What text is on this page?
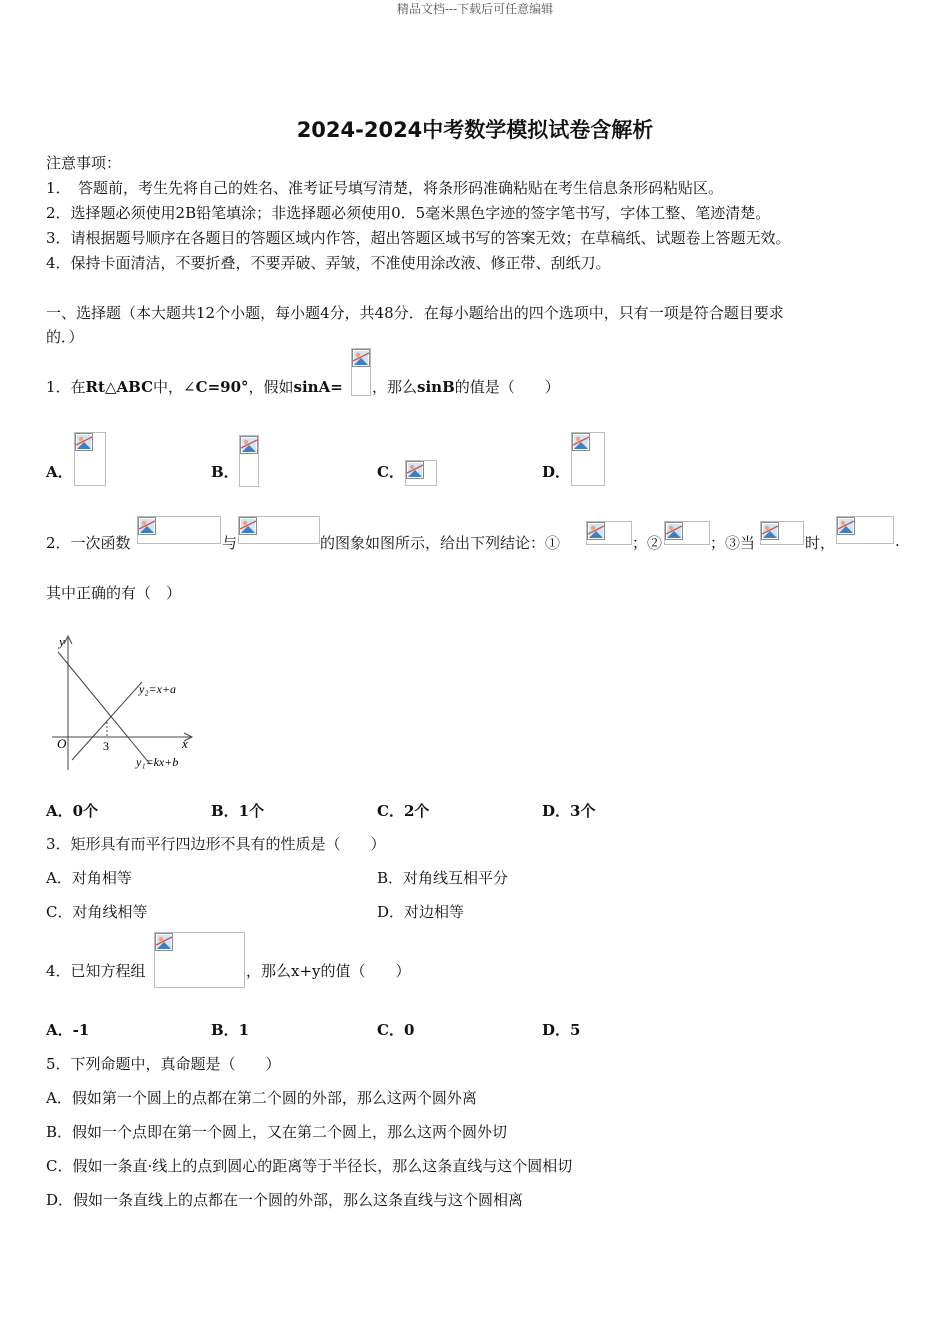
精品文档---下载后可任意编辑
2024-2024中考数学模拟试卷含解析
注意事项：
1．　答题前，考生先将自己的姓名、准考证号填写清楚，将条形码准确粘贴在考生信息条形码粘贴区。
2．选择题必须使用2B铅笔填涂；非选择题必须使用0．5毫米黑色字迹的签字笔书写，字体工整、笔迹清楚。
3．请根据题号顺序在各题目的答题区域内作答，超出答题区域书写的答案无效；在草稿纸、试题卷上答题无效。
4．保持卡面清洁，不要折叠，不要弄破、弄皱，不准使用涂改液、修正带、刮纸刀。
一、选择题（本大题共12个小题，每小题4分，共48分．在每小题给出的四个选项中，只有一项是符合题目要求
的．）
1．在Rt△ABC中，∠C=90°，假如sinA= ，那么sinB的值是（　　）
A．	B．	C．	D．
2．一次函数	与	的图象如图所示，给出下列结论：①	；②	；③当	时，	.
其中正确的有（　）
y
x
O	3
y₂=x+a
y₁=kx+b
A．0个	B．1个	C．2个	D．3个
3．矩形具有而平行四边形不具有的性质是（　　）
A．对角相等	B．对角线互相平分
C．对角线相等	D．对边相等
4．已知方程组	，那么x+y的值（　　）
A．-1	B．1	C．0	D．5
5．下列命题中，真命题是（　　）
A．假如第一个圆上的点都在第二个圆的外部，那么这两个圆外离
B．假如一个点即在第一个圆上，又在第二个圆上，那么这两个圆外切
C．假如一条直·线上的点到圆心的距离等于半径长，那么这条直线与这个圆相切
D．假如一条直线上的点都在一个圆的外部，那么这条直线与这个圆相离
